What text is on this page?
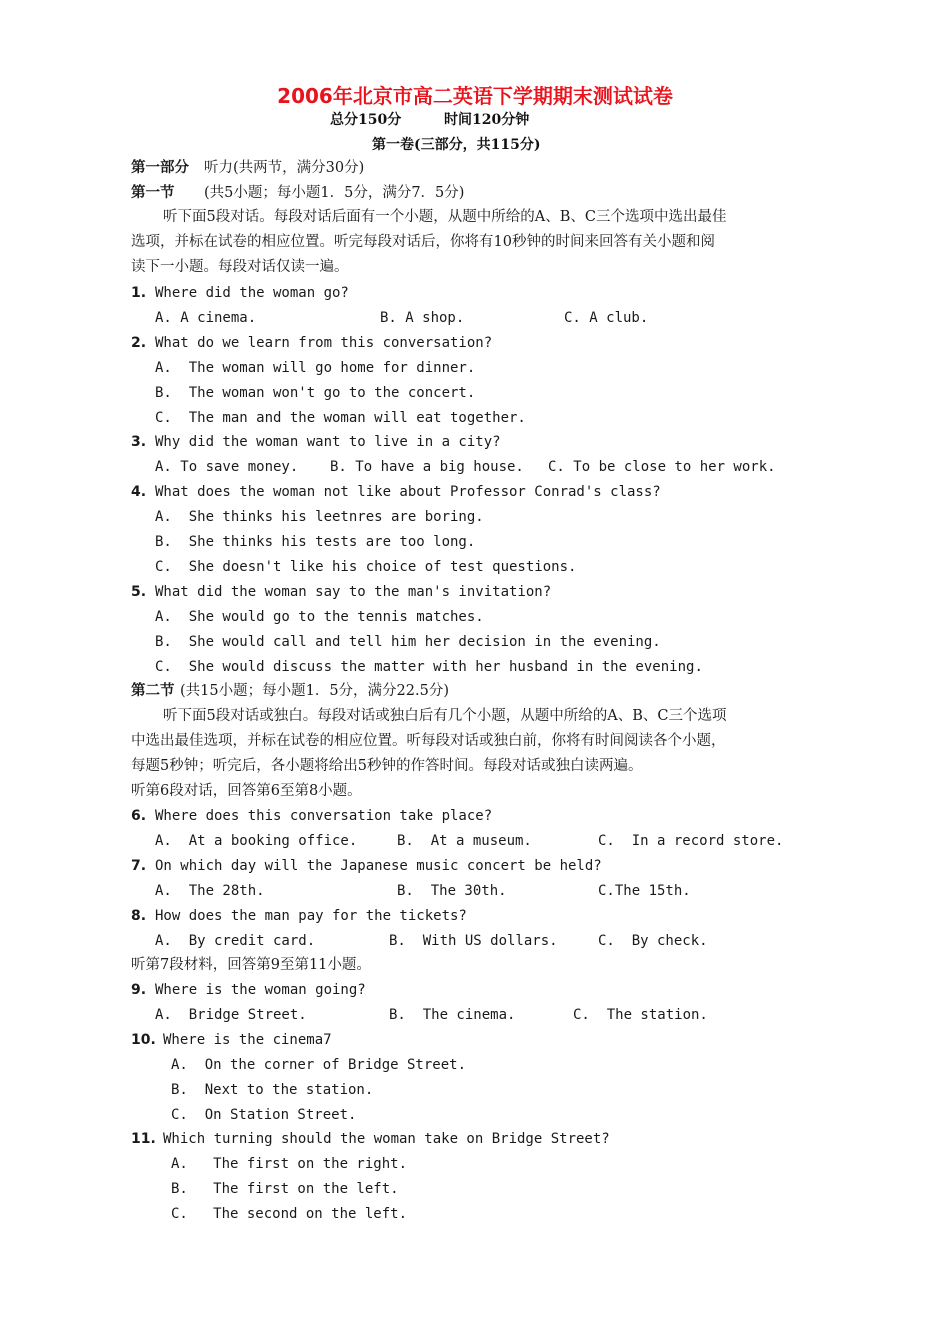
2006年北京市高二英语下学期期末测试试卷
总分150分	时间120分钟
第一卷(三部分，共115分)
第一部分 听力(共两节，满分30分)
第一节 (共5小题；每小题1．5分，满分7．5分)
听下面5段对话。每段对话后面有一个小题，从题中所给的A、B、C三个选项中选出最佳
选项，并标在试卷的相应位置。听完每段对话后，你将有10秒钟的时间来回答有关小题和阅
读下一小题。每段对话仅读一遍。
1. Where did the woman go?
A. A cinema.	B. A shop.	C. A club.
2. What do we learn from this conversation?
A.  The woman will go home for dinner.
B.  The woman won't go to the concert.
C.  The man and the woman will eat together.
3. Why did the woman want to live in a city?
A. To save money. B. To have a big house. C. To be close to her work.
4. What does the woman not like about Professor Conrad's class?
A.  She thinks his leetnres are boring.
B.  She thinks his tests are too long.
C.  She doesn't like his choice of test questions.
5. What did the woman say to the man's invitation?
A.  She would go to the tennis matches.
B.  She would call and tell him her decision in the evening.
C.  She would discuss the matter with her husband in the evening.
第二节 (共15小题；每小题1．5分，满分22.5分)
听下面5段对话或独白。每段对话或独白后有几个小题，从题中所给的A、B、C三个选项
中选出最佳选项，并标在试卷的相应位置。听每段对话或独白前，你将有时间阅读各个小题，
每题5秒钟；听完后，各小题将给出5秒钟的作答时间。每段对话或独白读两遍。
听第6段对话，回答第6至第8小题。
6. Where does this conversation take place?
A.  At a booking office.	B.  At a museum.	C.  In a record store.
7. On which day will the Japanese music concert be held?
A.  The 28th.	B.  The 30th.	C.The 15th.
8. How does the man pay for the tickets?
A.  By credit card.	B.  With US dollars.	C.  By check.
听第7段材料，回答第9至第11小题。
9. Where is the woman going?
A.  Bridge Street.	B.  The cinema.	C.  The station.
10. Where is the cinema7
A.  On the corner of Bridge Street.
B.  Next to the station.
C.  On Station Street.
11. Which turning should the woman take on Bridge Street?
A.   The first on the right.
B.   The first on the left.
C.   The second on the left.
